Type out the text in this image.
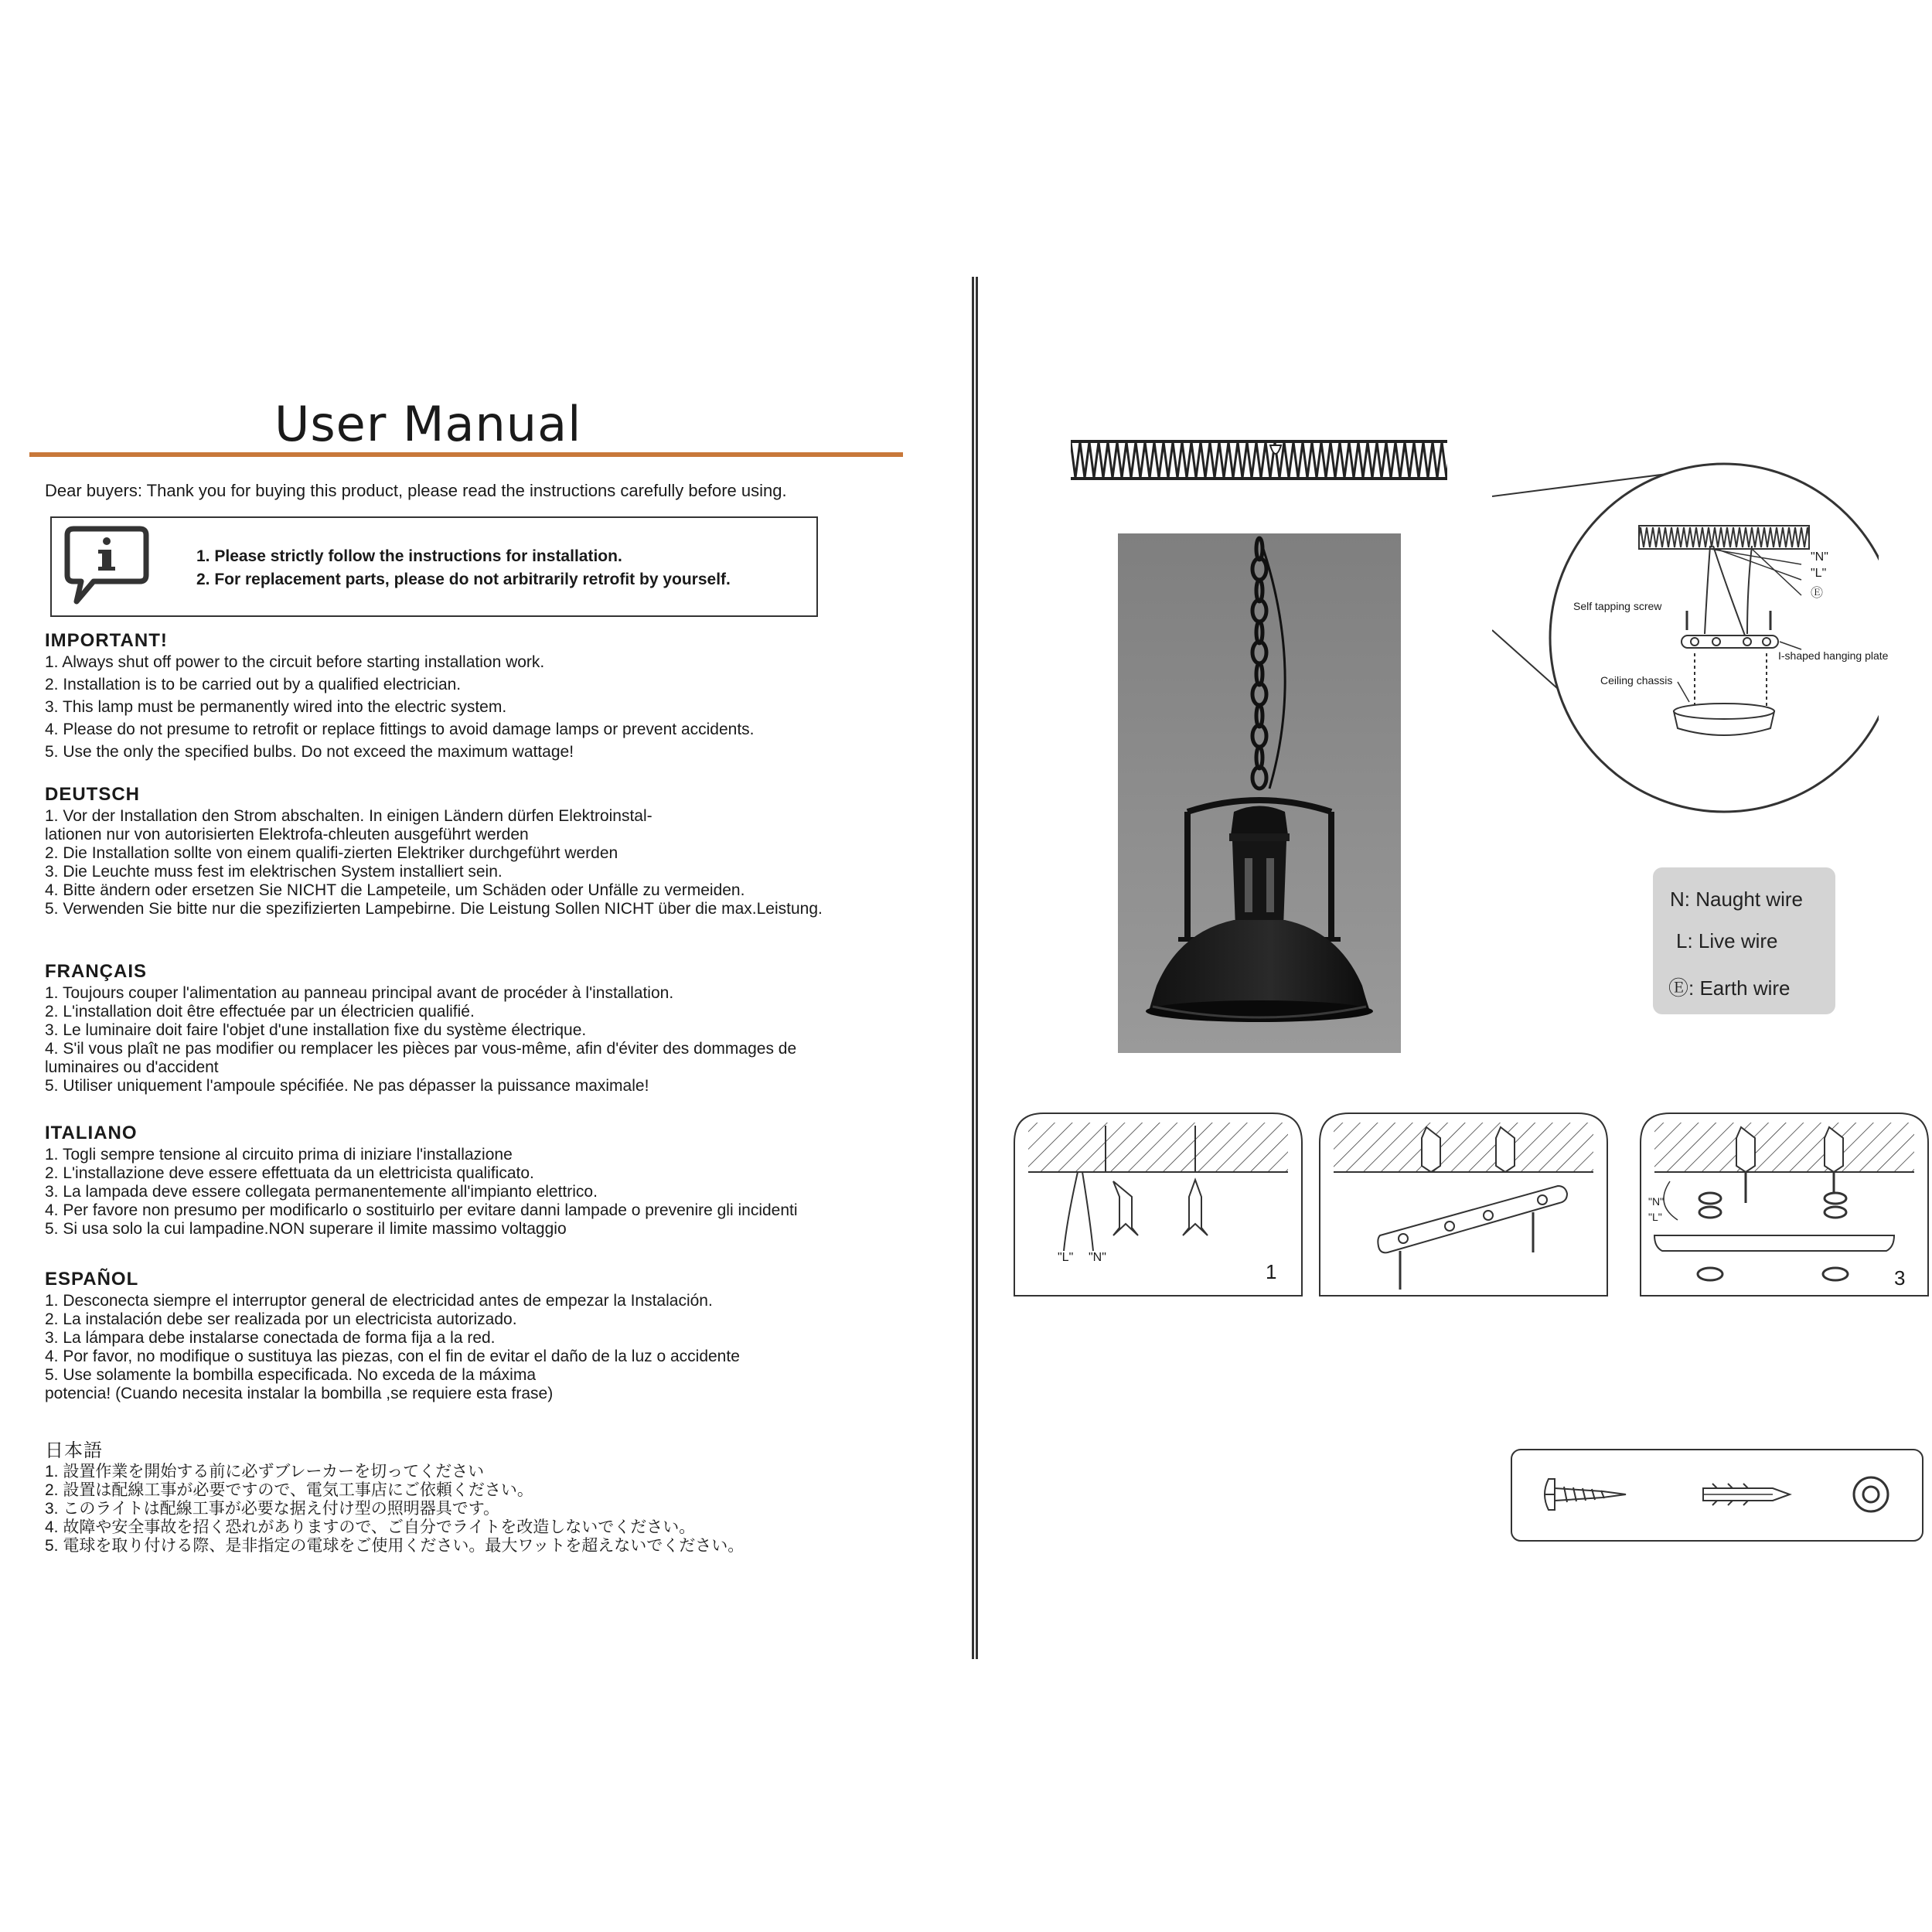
User Manual
Dear buyers: Thank you for buying this product, please read the instructions carefully before using.
1. Please strictly follow the instructions for installation.
2. For replacement parts, please do not arbitrarily retrofit by yourself.
IMPORTANT!
1. Always shut off power to the circuit before starting installation work.
2. Installation is to be carried out by a qualified electrician.
3. This lamp must be permanently wired into the electric system.
4. Please do not presume to retrofit or replace fittings to avoid damage lamps or prevent accidents.
5. Use the only the specified bulbs. Do not exceed the maximum wattage!
DEUTSCH
1. Vor der Installation den Strom abschalten. In einigen Ländern dürfen Elektroinstal-
lationen nur von autorisierten Elektrofa-chleuten ausgeführt werden
2. Die Installation sollte von einem qualifi-zierten Elektriker durchgeführt werden
3. Die Leuchte muss fest im elektrischen System installiert sein.
4. Bitte ändern oder ersetzen Sie NICHT die Lampeteile, um Schäden oder Unfälle zu vermeiden.
5. Verwenden Sie bitte nur die spezifizierten Lampebirne. Die Leistung Sollen NICHT über die max.Leistung.
FRANÇAIS
1. Toujours couper l'alimentation au panneau principal avant de procéder à l'installation.
2. L'installation doit être effectuée par un électricien qualifié.
3. Le luminaire doit faire l'objet d'une installation fixe du système électrique.
4. S'il vous plaît ne pas modifier ou remplacer les pièces par vous-même, afin d'éviter des dommages de
luminaires ou d'accident
5. Utiliser uniquement l'ampoule spécifiée. Ne pas dépasser la puissance maximale!
ITALIANO
1. Togli sempre tensione al circuito prima di iniziare l'installazione
2. L'installazione deve essere effettuata da un elettricista qualificato.
3. La lampada deve essere collegata permanentemente all'impianto elettrico.
4. Per favore non presumo per modificarlo o sostituirlo per evitare danni lampade o prevenire gli incidenti
5. Si usa solo la cui lampadine.NON superare il limite massimo voltaggio
ESPAÑOL
1. Desconecta siempre el interruptor general de electricidad antes de empezar la Instalación.
2. La instalación debe ser realizada por un electricista autorizado.
3. La lámpara debe instalarse conectada de forma fija a la red.
4. Por favor, no modifique o sustituya las piezas, con el fin de evitar el daño de la luz o accidente
5. Use solamente la bombilla especificada. No exceda de la máxima
potencia! (Cuando necesita instalar la bombilla ,se requiere esta frase)
日本語
1. 設置作業を開始する前に必ずブレーカーを切ってください
2. 設置は配線工事が必要ですので、電気工事店にご依頼ください。
3. このライトは配線工事が必要な据え付け型の照明器具です。
4. 故障や安全事故を招く恐れがありますので、ご自分でライトを改造しないでください。
5. 電球を取り付ける際、是非指定の電球をご使用ください。最大ワットを超えないでください。
"N"
"L"
Ⓔ
Self tapping screw
I-shaped hanging plate
Ceiling chassis
N: Naught wire
L: Live wire
Ⓔ: Earth wire
"L" "N"
1
"N"
"L"
3
